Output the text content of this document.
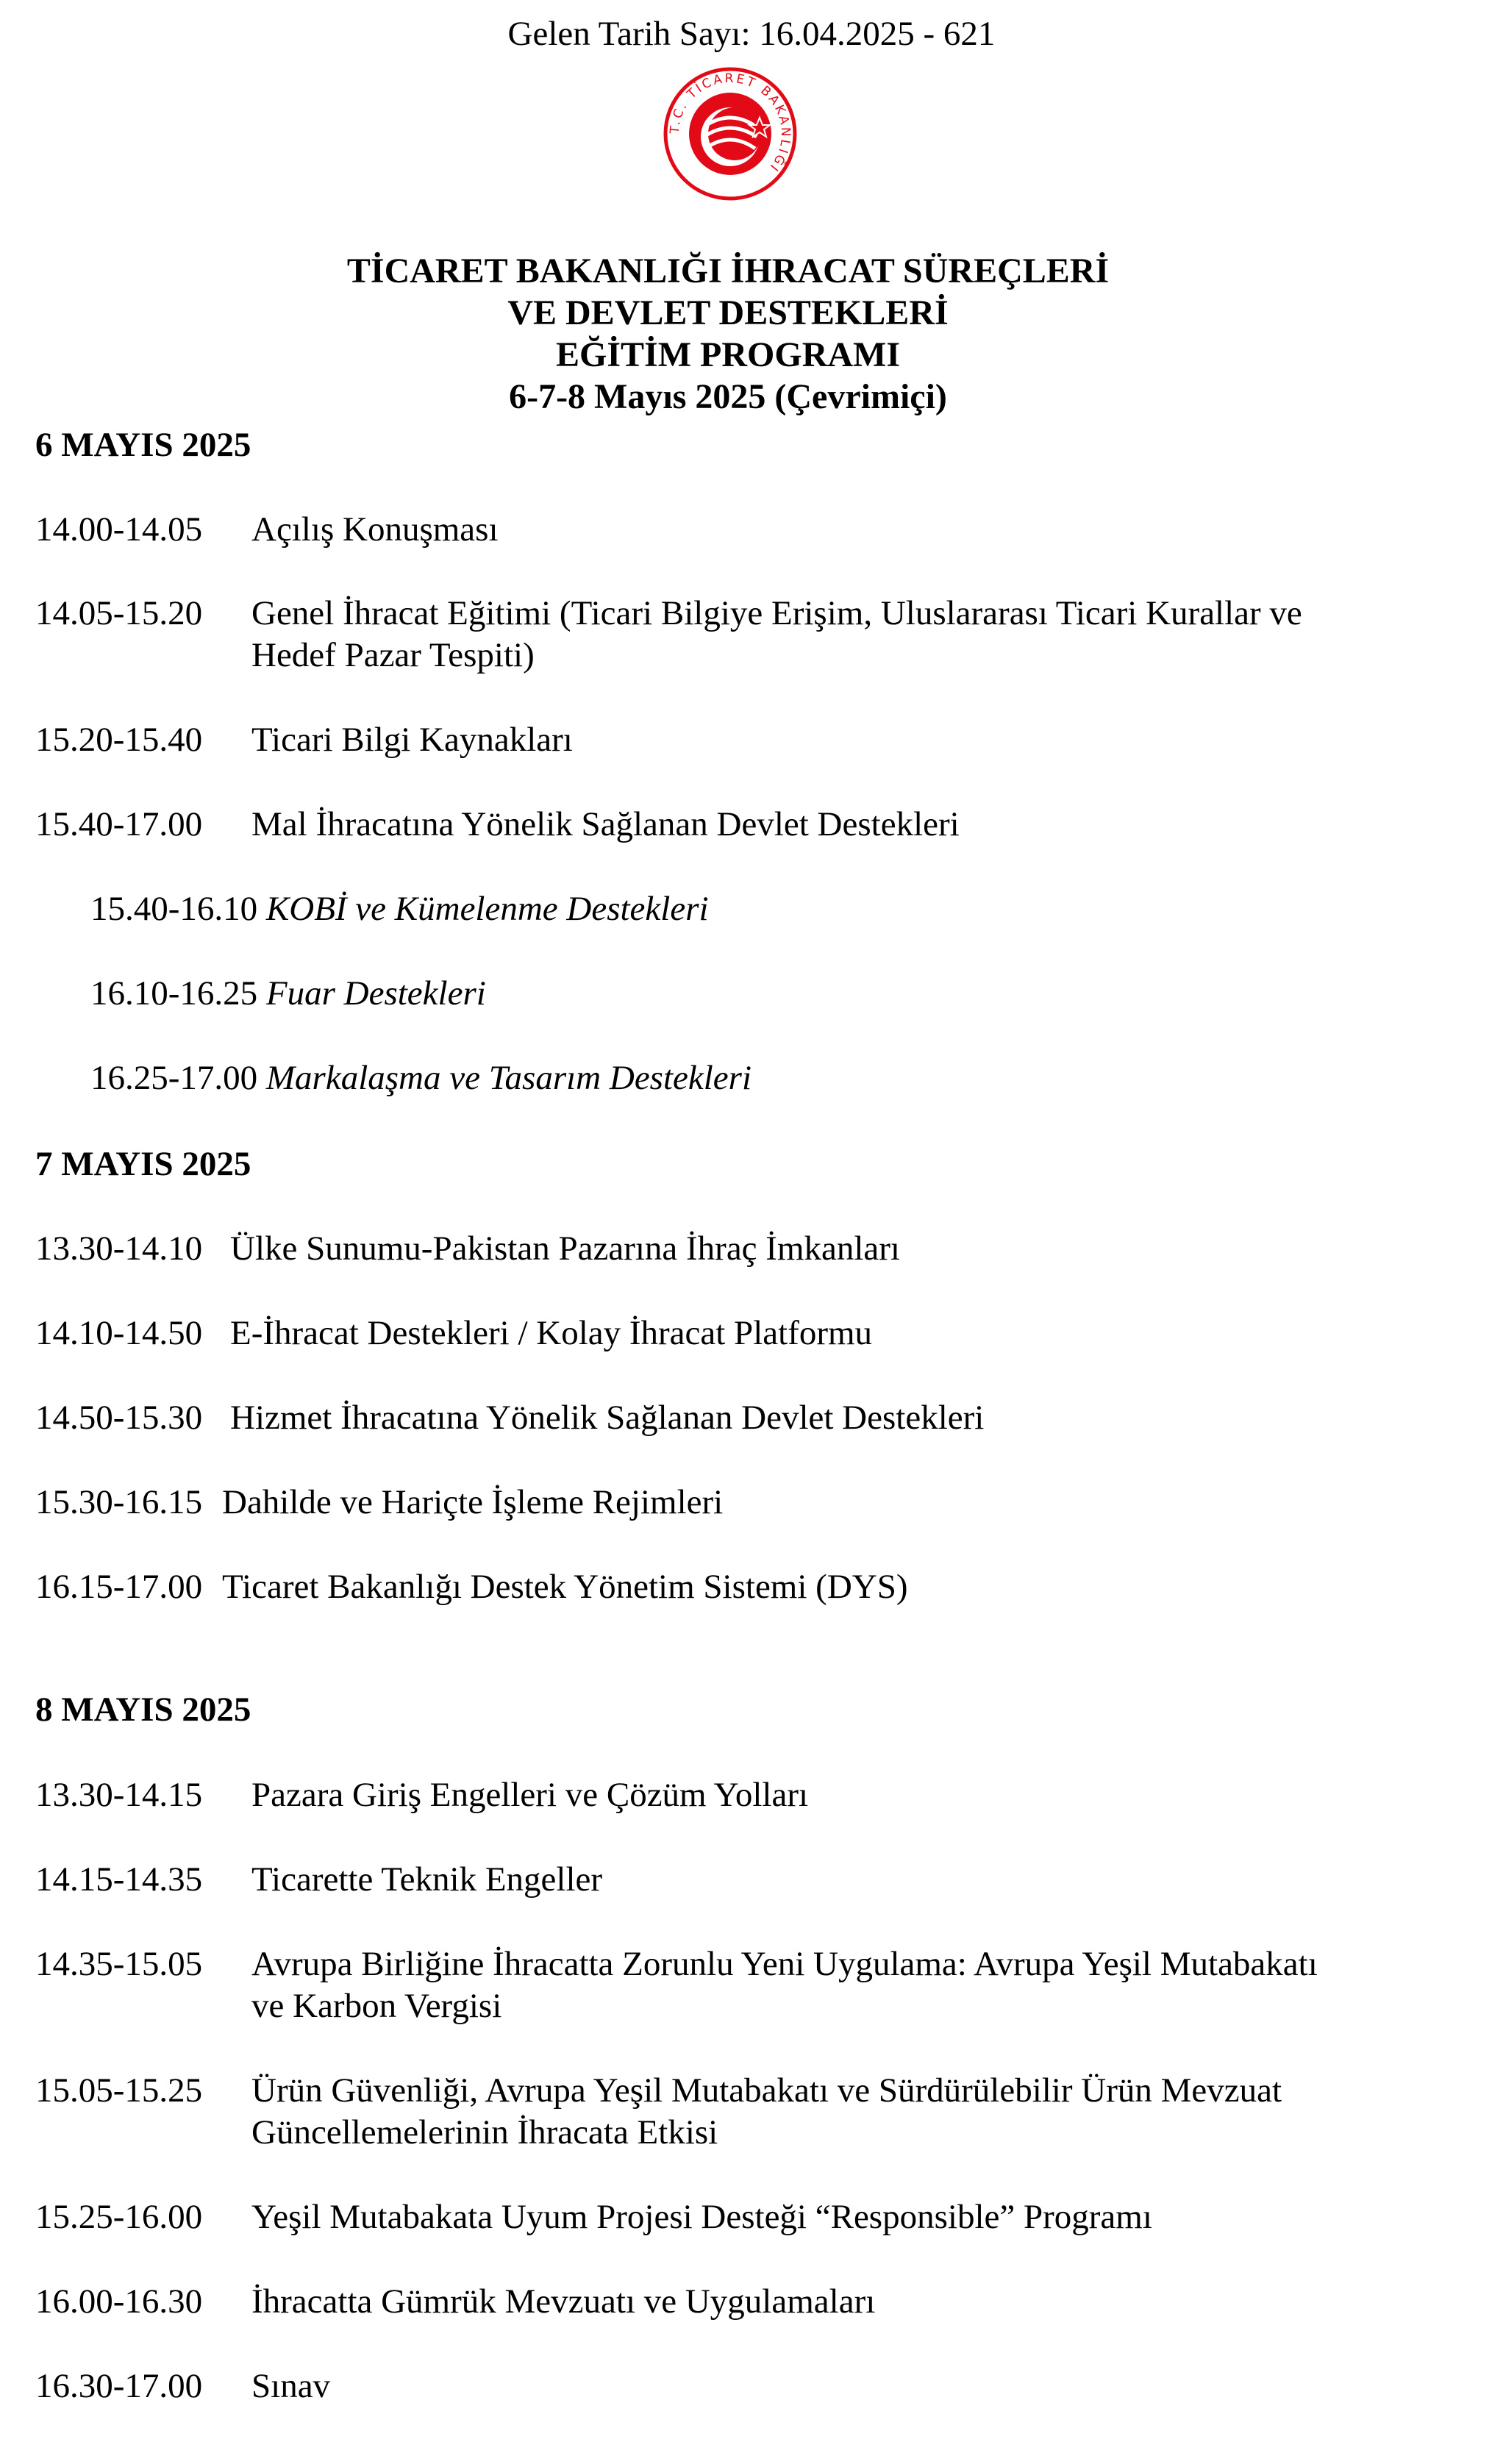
Gelen Tarih Sayı: 16.04.2025 - 621
T.C. TİCARET BAKANLIĞI
TİCARET BAKANLIĞI İHRACAT SÜREÇLERİ
VE DEVLET DESTEKLERİ
EĞİTİM PROGRAMI
6-7-8 Mayıs 2025 (Çevrimiçi)
6 MAYIS 2025
14.00-14.05 Açılış Konuşması
14.05-15.20 Genel İhracat Eğitimi (Ticari Bilgiye Erişim, Uluslararası Ticari Kurallar ve
Hedef Pazar Tespiti)
15.20-15.40 Ticari Bilgi Kaynakları
15.40-17.00 Mal İhracatına Yönelik Sağlanan Devlet Destekleri
15.40-16.10 KOBİ ve Kümelenme Destekleri
16.10-16.25 Fuar Destekleri
16.25-17.00 Markalaşma ve Tasarım Destekleri
7 MAYIS 2025
13.30-14.10 Ülke Sunumu-Pakistan Pazarına İhraç İmkanları
14.10-14.50 E-İhracat Destekleri / Kolay İhracat Platformu
14.50-15.30 Hizmet İhracatına Yönelik Sağlanan Devlet Destekleri
15.30-16.15 Dahilde ve Hariçte İşleme Rejimleri
16.15-17.00 Ticaret Bakanlığı Destek Yönetim Sistemi (DYS)
8 MAYIS 2025
13.30-14.15 Pazara Giriş Engelleri ve Çözüm Yolları
14.15-14.35 Ticarette Teknik Engeller
14.35-15.05 Avrupa Birliğine İhracatta Zorunlu Yeni Uygulama: Avrupa Yeşil Mutabakatı
ve Karbon Vergisi
15.05-15.25 Ürün Güvenliği, Avrupa Yeşil Mutabakatı ve Sürdürülebilir Ürün Mevzuat
Güncellemelerinin İhracata Etkisi
15.25-16.00 Yeşil Mutabakata Uyum Projesi Desteği “Responsible” Programı
16.00-16.30 İhracatta Gümrük Mevzuatı ve Uygulamaları
16.30-17.00 Sınav
